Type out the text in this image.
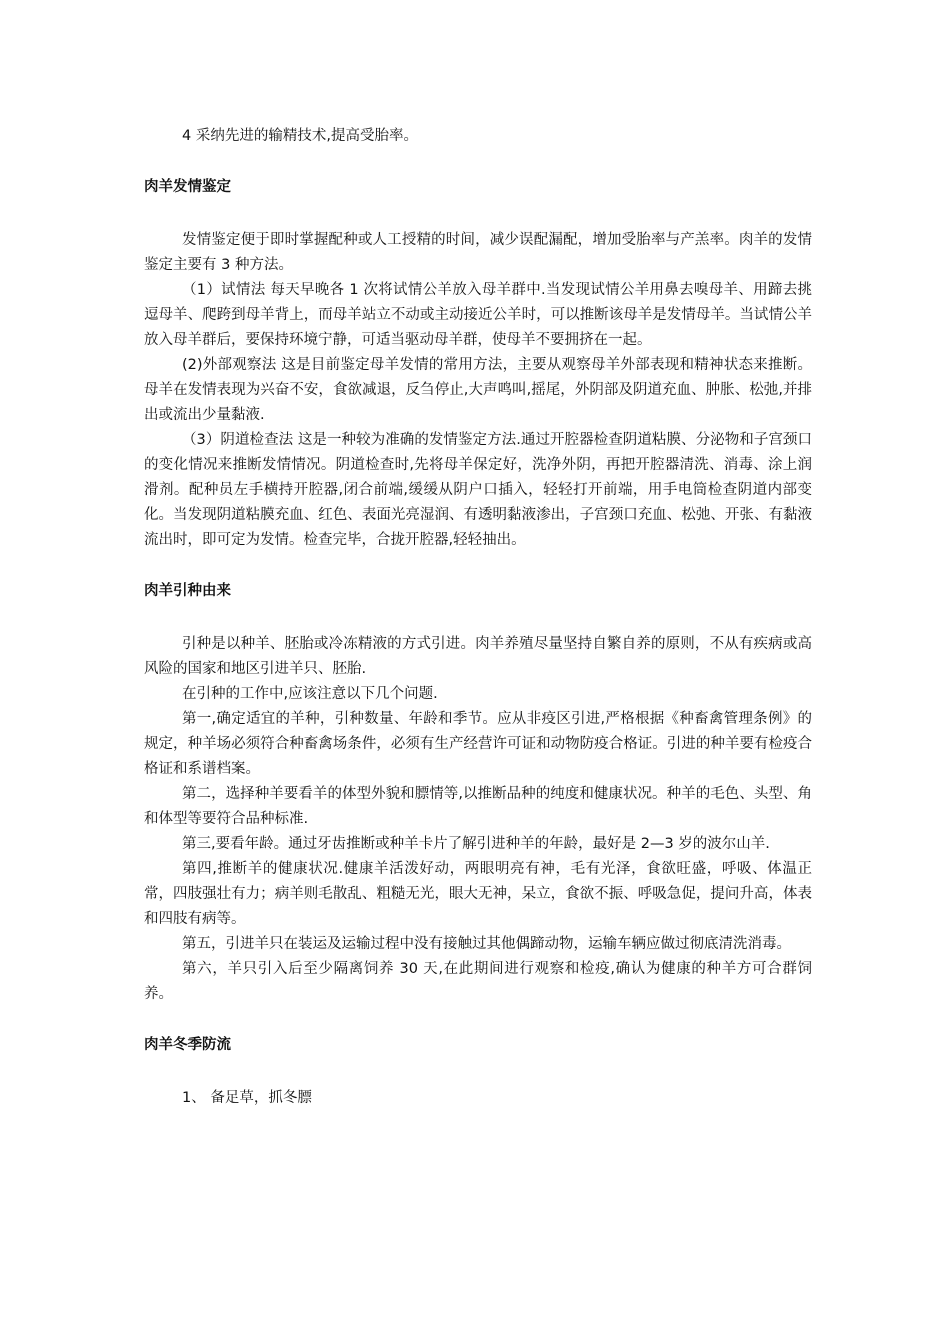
4 采纳先进的输精技术,提高受胎率。

肉羊发情鉴定

发情鉴定便于即时掌握配种或人工授精的时间，减少误配漏配，增加受胎率与产羔率。肉羊的发情鉴定主要有 3 种方法。

（1）试情法 每天早晚各 1 次将试情公羊放入母羊群中.当发现试情公羊用鼻去嗅母羊、用蹄去挑逗母羊、爬跨到母羊背上，而母羊站立不动或主动接近公羊时，可以推断该母羊是发情母羊。当试情公羊放入母羊群后，要保持环境宁静，可适当驱动母羊群，使母羊不要拥挤在一起。

(2)外部观察法 这是目前鉴定母羊发情的常用方法，主要从观察母羊外部表现和精神状态来推断。母羊在发情表现为兴奋不安，食欲减退，反刍停止,大声鸣叫,摇尾，外阴部及阴道充血、肿胀、松弛,并排出或流出少量黏液.

（3）阴道检查法 这是一种较为准确的发情鉴定方法.通过开腔器检查阴道粘膜、分泌物和子宫颈口的变化情况来推断发情情况。阴道检查时,先将母羊保定好，洗净外阴，再把开腔器清洗、消毒、涂上润滑剂。配种员左手横持开腔器,闭合前端,缓缓从阴户口插入，轻轻打开前端，用手电筒检查阴道内部变化。当发现阴道粘膜充血、红色、表面光亮湿润、有透明黏液渗出，子宫颈口充血、松弛、开张、有黏液流出时，即可定为发情。检查完毕，合拢开腔器,轻轻抽出。

肉羊引种由来

引种是以种羊、胚胎或冷冻精液的方式引进。肉羊养殖尽量坚持自繁自养的原则，不从有疾病或高风险的国家和地区引进羊只、胚胎.

在引种的工作中,应该注意以下几个问题.

第一,确定适宜的羊种，引种数量、年龄和季节。应从非疫区引进,严格根据《种畜禽管理条例》的规定，种羊场必须符合种畜禽场条件，必须有生产经营许可证和动物防疫合格证。引进的种羊要有检疫合格证和系谱档案。

第二，选择种羊要看羊的体型外貌和膘情等,以推断品种的纯度和健康状况。种羊的毛色、头型、角和体型等要符合品种标准.

第三,要看年龄。通过牙齿推断或种羊卡片了解引进种羊的年龄，最好是 2—3 岁的波尔山羊.

第四,推断羊的健康状况.健康羊活泼好动，两眼明亮有神，毛有光泽，食欲旺盛，呼吸、体温正常，四肢强壮有力；病羊则毛散乱、粗糙无光，眼大无神，呆立，食欲不振、呼吸急促，提问升高，体表和四肢有病等。

第五，引进羊只在装运及运输过程中没有接触过其他偶蹄动物，运输车辆应做过彻底清洗消毒。

第六，羊只引入后至少隔离饲养 30 天,在此期间进行观察和检疫,确认为健康的种羊方可合群饲养。

肉羊冬季防流

1、 备足草，抓冬膘
